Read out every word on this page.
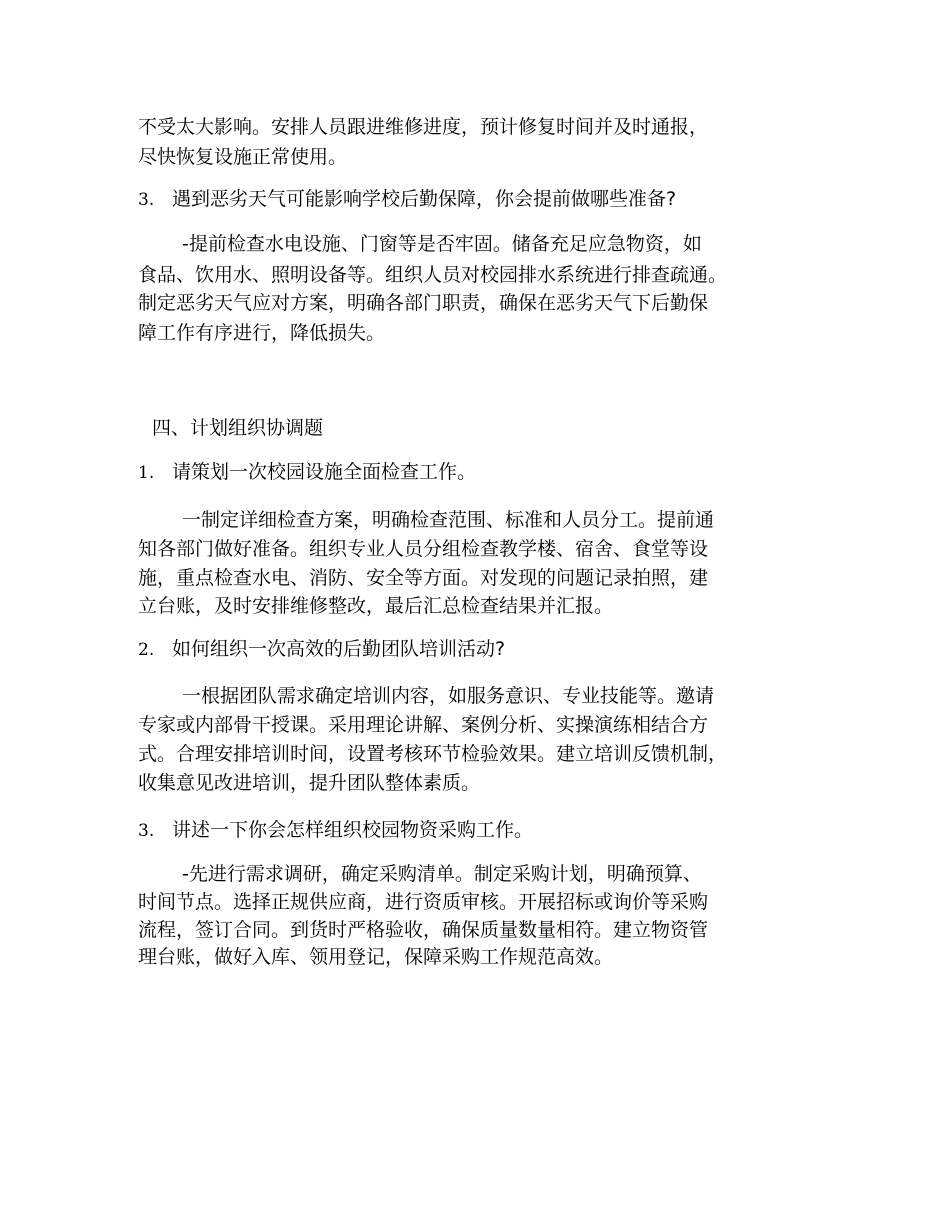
不受太大影响。安排人员跟进维修进度，预计修复时间并及时通报，
尽快恢复设施正常使用。
3. 遇到恶劣天气可能影响学校后勤保障，你会提前做哪些准备?
-提前检查水电设施、门窗等是否牢固。储备充足应急物资，如
食品、饮用水、照明设备等。组织人员对校园排水系统进行排查疏通。
制定恶劣天气应对方案，明确各部门职责，确保在恶劣天气下后勤保
障工作有序进行，降低损失。
四、计划组织协调题
1. 请策划一次校园设施全面检查工作。
一制定详细检查方案，明确检查范围、标准和人员分工。提前通
知各部门做好准备。组织专业人员分组检查教学楼、宿舍、食堂等设
施，重点检查水电、消防、安全等方面。对发现的问题记录拍照，建
立台账，及时安排维修整改，最后汇总检查结果并汇报。
2. 如何组织一次高效的后勤团队培训活动?
一根据团队需求确定培训内容，如服务意识、专业技能等。邀请
专家或内部骨干授课。采用理论讲解、案例分析、实操演练相结合方
式。合理安排培训时间，设置考核环节检验效果。建立培训反馈机制，
收集意见改进培训，提升团队整体素质。
3. 讲述一下你会怎样组织校园物资采购工作。
-先进行需求调研，确定采购清单。制定采购计划，明确预算、
时间节点。选择正规供应商，进行资质审核。开展招标或询价等采购
流程，签订合同。到货时严格验收，确保质量数量相符。建立物资管
理台账，做好入库、领用登记，保障采购工作规范高效。
